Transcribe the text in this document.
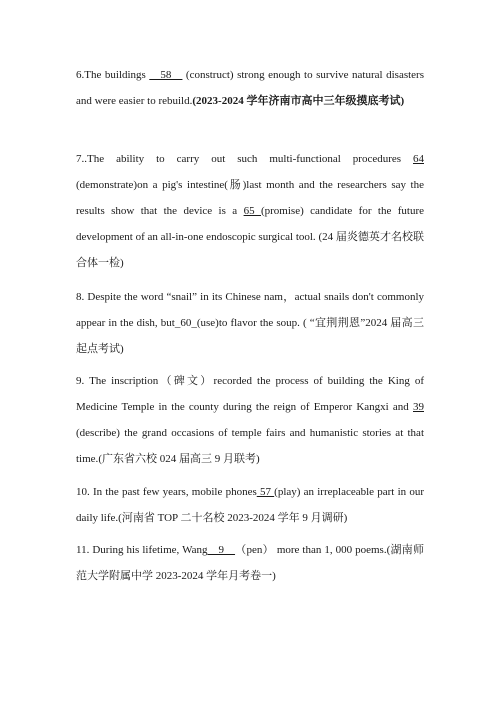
6.The buildings __58__ (construct) strong enough to survive natural disasters and were easier to rebuild.(2023-2024 学年济南市高中三年级摸底考试)

7..The ability to carry out such multi-functional procedures 64 (demonstrate)on a pig's intestine(肠)last month and the researchers say the results show that the device is a 65 (promise) candidate for the future development of an all-in-one endoscopic surgical tool. (24 届炎德英才名校联合体一检)

8. Despite the word “snail” in its Chinese nam，actual snails don't commonly appear in the dish, but_60_(use)to flavor the soup. ( “宜荆荆恩”2024 届高三起点考试)

9. The inscription（碑文）recorded the process of building the King of Medicine Temple in the county during the reign of Emperor Kangxi and 39 (describe) the grand occasions of temple fairs and humanistic stories at that time.(广东省六校 024 届高三 9 月联考)

10. In the past few years, mobile phones 57 (play) an irreplaceable part in our daily life.(河南省 TOP 二十名校 2023-2024 学年 9 月调研)

11. During his lifetime, Wang__9__（pen） more than 1, 000 poems.(湖南师范大学附属中学 2023-2024 学年月考卷一)
